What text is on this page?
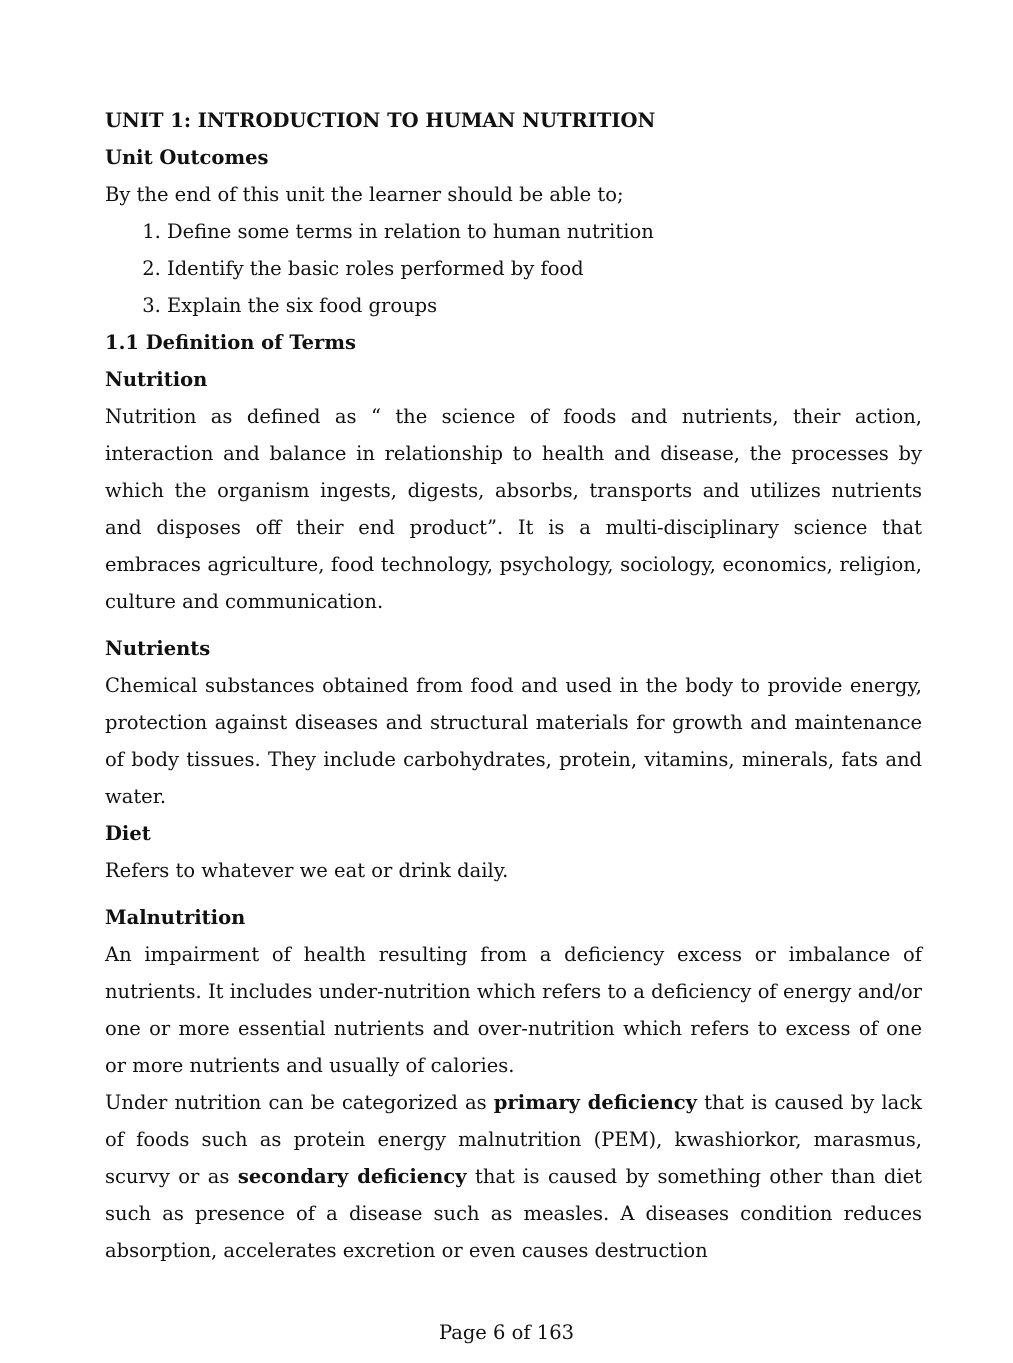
UNIT 1: INTRODUCTION TO HUMAN NUTRITION

Unit Outcomes

By the end of this unit the learner should be able to;

1. Define some terms in relation to human nutrition
2. Identify the basic roles performed by food
3. Explain the six food groups

1.1 Definition of Terms

Nutrition

Nutrition as defined as “ the science of foods and nutrients, their action, interaction and balance in relationship to health and disease, the processes by which the organism ingests, digests, absorbs, transports and utilizes nutrients and disposes off their end product”. It is a multi-disciplinary science that embraces agriculture, food technology, psychology, sociology, economics, religion, culture and communication.

Nutrients

Chemical substances obtained from food and used in the body to provide energy, protection against diseases and structural materials for growth and maintenance of body tissues. They include carbohydrates, protein, vitamins, minerals, fats and water.

Diet

Refers to whatever we eat or drink daily.

Malnutrition

An impairment of health resulting from a deficiency excess or imbalance of nutrients. It includes under-nutrition which refers to a deficiency of energy and/or one or more essential nutrients and over-nutrition which refers to excess of one or more nutrients and usually of calories.

Under nutrition can be categorized as primary deficiency that is caused by lack of foods such as protein energy malnutrition (PEM), kwashiorkor, marasmus, scurvy or as secondary deficiency that is caused by something other than diet such as presence of a disease such as measles. A diseases condition reduces absorption, accelerates excretion or even causes destruction

Page 6 of 163
